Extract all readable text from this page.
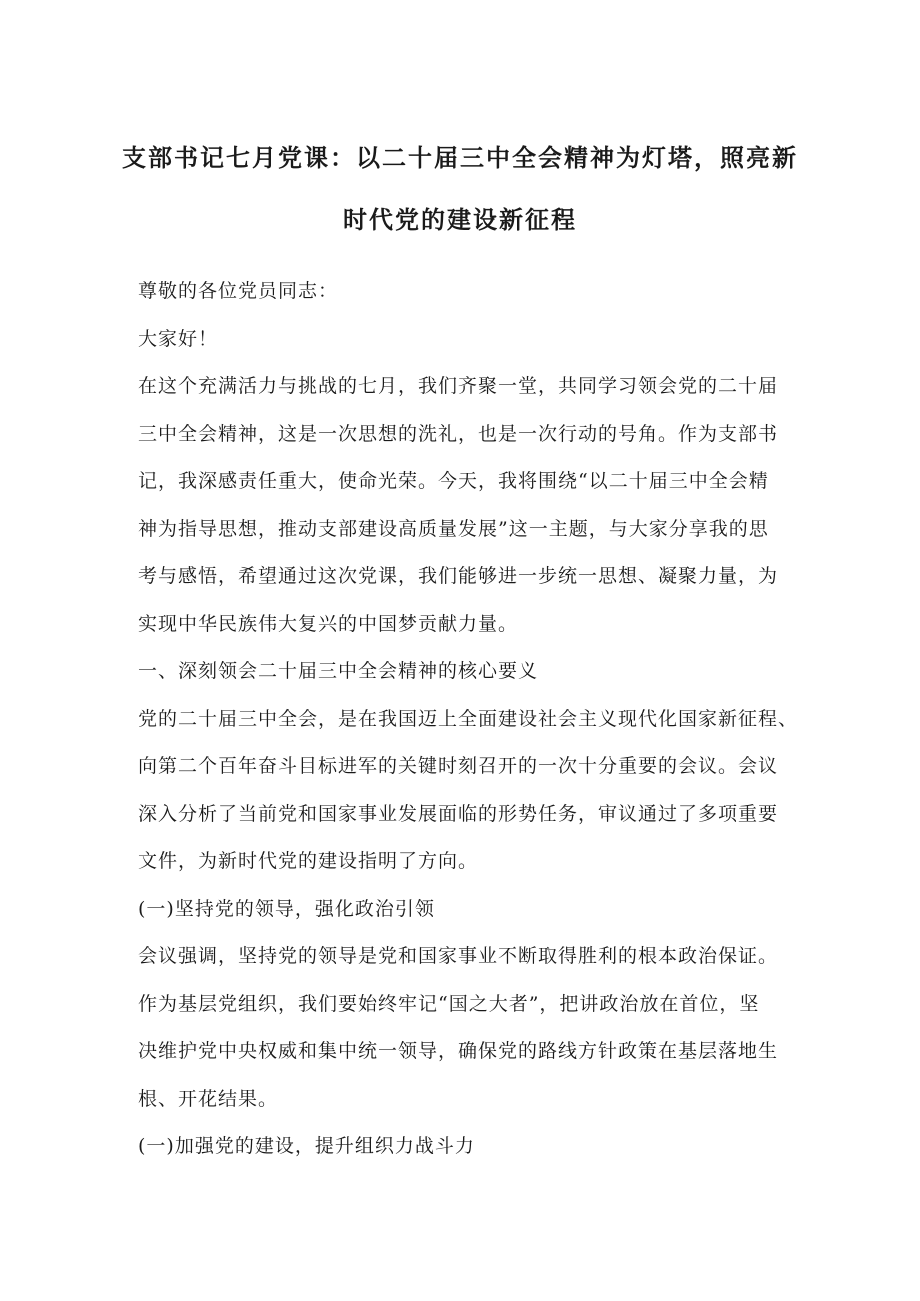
支部书记七月党课：以二十届三中全会精神为灯塔，照亮新
时代党的建设新征程
尊敬的各位党员同志：
大家好！
在这个充满活力与挑战的七月，我们齐聚一堂，共同学习领会党的二十届
三中全会精神，这是一次思想的洗礼，也是一次行动的号角。作为支部书
记，我深感责任重大，使命光荣。今天，我将围绕“以二十届三中全会精
神为指导思想，推动支部建设高质量发展”这一主题，与大家分享我的思
考与感悟，希望通过这次党课，我们能够进一步统一思想、凝聚力量，为
实现中华民族伟大复兴的中国梦贡献力量。
一、深刻领会二十届三中全会精神的核心要义
党的二十届三中全会，是在我国迈上全面建设社会主义现代化国家新征程、
向第二个百年奋斗目标进军的关键时刻召开的一次十分重要的会议。会议
深入分析了当前党和国家事业发展面临的形势任务，审议通过了多项重要
文件，为新时代党的建设指明了方向。
(一)坚持党的领导，强化政治引领
会议强调，坚持党的领导是党和国家事业不断取得胜利的根本政治保证。
作为基层党组织，我们要始终牢记“国之大者”，把讲政治放在首位，坚
决维护党中央权威和集中统一领导，确保党的路线方针政策在基层落地生
根、开花结果。
(一)加强党的建设，提升组织力战斗力
